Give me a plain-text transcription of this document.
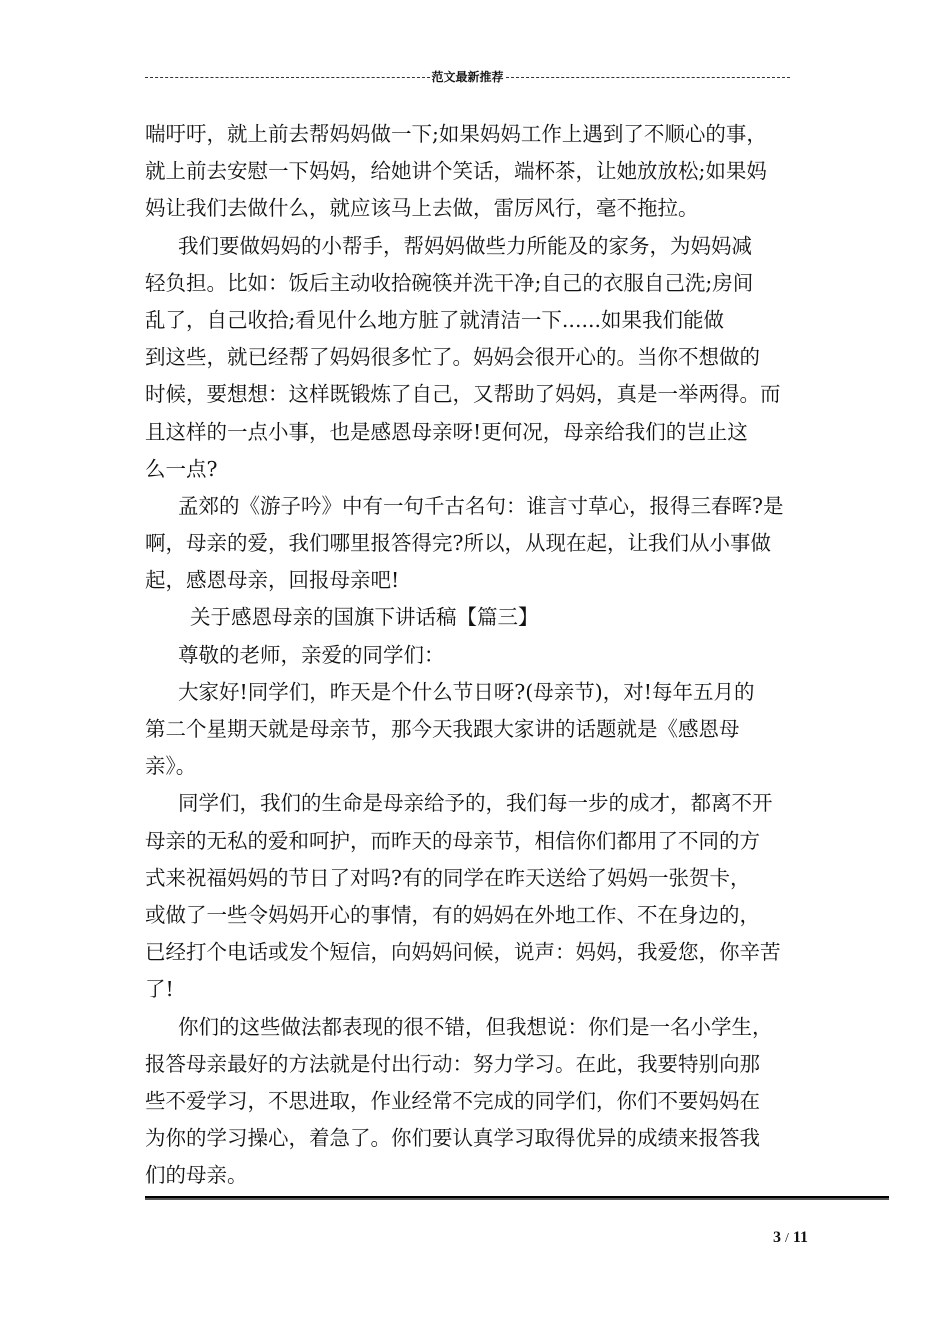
范文最新推荐
喘吁吁，就上前去帮妈妈做一下;如果妈妈工作上遇到了不顺心的事，
就上前去安慰一下妈妈，给她讲个笑话，端杯茶，让她放放松;如果妈
妈让我们去做什么，就应该马上去做，雷厉风行，毫不拖拉。
我们要做妈妈的小帮手，帮妈妈做些力所能及的家务，为妈妈减
轻负担。比如：饭后主动收拾碗筷并洗干净;自己的衣服自己洗;房间
乱了，自己收拾;看见什么地方脏了就清洁一下......如果我们能做
到这些，就已经帮了妈妈很多忙了。妈妈会很开心的。当你不想做的
时候，要想想：这样既锻炼了自己，又帮助了妈妈，真是一举两得。而
且这样的一点小事，也是感恩母亲呀!更何况，母亲给我们的岂止这
么一点?
孟郊的《游子吟》中有一句千古名句：谁言寸草心，报得三春晖?是
啊，母亲的爱，我们哪里报答得完?所以，从现在起，让我们从小事做
起，感恩母亲，回报母亲吧!
关于感恩母亲的国旗下讲话稿【篇三】
尊敬的老师，亲爱的同学们：
大家好!同学们，昨天是个什么节日呀?(母亲节)，对!每年五月的
第二个星期天就是母亲节，那今天我跟大家讲的话题就是《感恩母
亲》。
同学们，我们的生命是母亲给予的，我们每一步的成才，都离不开
母亲的无私的爱和呵护，而昨天的母亲节，相信你们都用了不同的方
式来祝福妈妈的节日了对吗?有的同学在昨天送给了妈妈一张贺卡，
或做了一些令妈妈开心的事情，有的妈妈在外地工作、不在身边的，
已经打个电话或发个短信，向妈妈问候，说声：妈妈，我爱您，你辛苦
了!
你们的这些做法都表现的很不错，但我想说：你们是一名小学生，
报答母亲最好的方法就是付出行动：努力学习。在此，我要特别向那
些不爱学习，不思进取，作业经常不完成的同学们，你们不要妈妈在
为你的学习操心，着急了。你们要认真学习取得优异的成绩来报答我
们的母亲。
3 / 11
